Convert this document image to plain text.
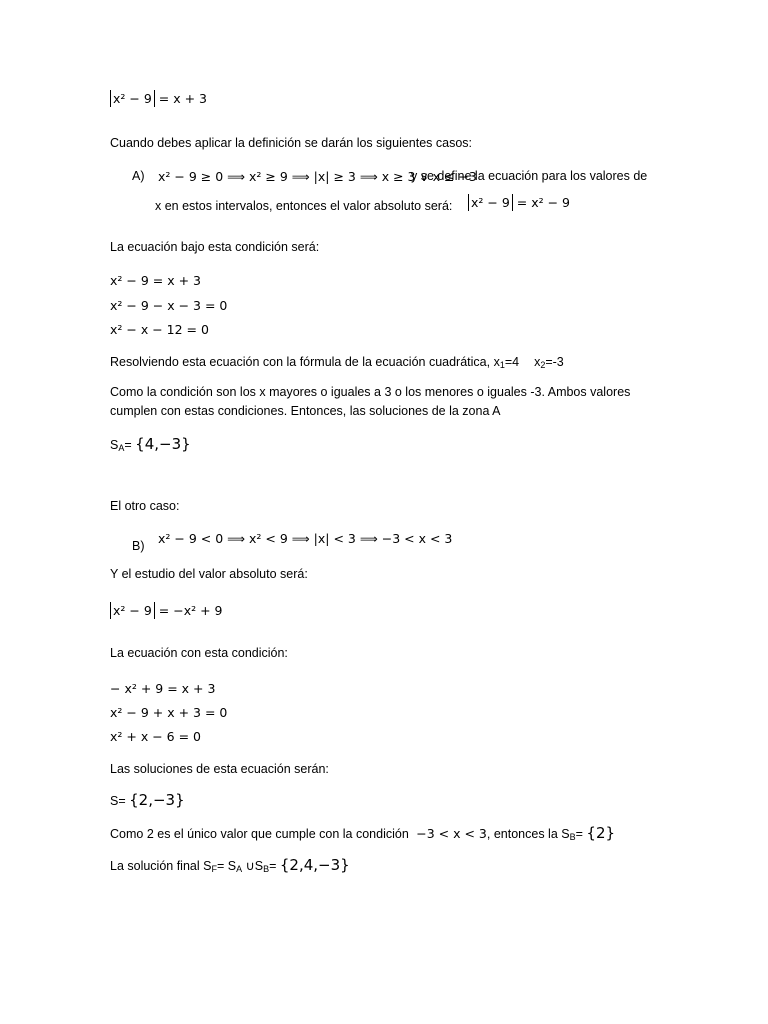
x² − 9 = x + 3
Cuando debes aplicar la definición se darán los siguientes casos:
A) x² − 9 ≥ 0 ⟹ x² ≥ 9 ⟹ |x| ≥ 3 ⟹ x ≥ 3 ∨ x ≤ −3
y se define la ecuación para los valores de
x en estos intervalos, entonces el valor absoluto será: x² − 9 = x² − 9
La ecuación bajo esta condición será:
x² − 9 = x + 3
x² − 9 − x − 3 = 0
x² − x − 12 = 0
Resolviendo esta ecuación con la fórmula de la ecuación cuadrática, $x_1=4$ $x_2=-3$
Como la condición son los x mayores o iguales a 3 o los menores o iguales -3. Ambos valores
cumplen con estas condiciones. Entonces, las soluciones de la zona A
$S_A= \{4,-3\}$
El otro caso:
x² − 9 < 0 ⟹ x² < 9 ⟹ |x| < 3 ⟹ −3 < x < 3
B)
Y el estudio del valor absoluto será:
x² − 9 = −x² + 9
La ecuación con esta condición:
− x² + 9 = x + 3
x² − 9 + x + 3 = 0
x² + x − 6 = 0
Las soluciones de esta ecuación serán:
S= {2,−3}
Como 2 es el único valor que cumple con la condición −3 < x < 3, entonces la $S_B= \{2\}$
La solución final $S_F= S_A$ $\cup S_B= \{2,4,-3\}$
